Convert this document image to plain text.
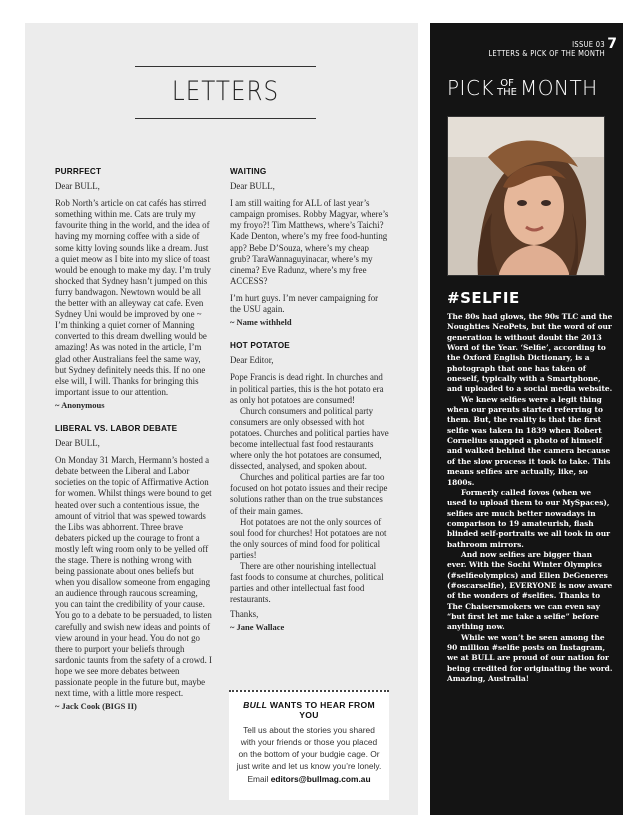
LETTERS
PURRFECT
Dear BULL,
Rob North’s article on cat cafés has stirred something within me. Cats are truly my favourite thing in the world, and the idea of having my morning coffee with a side of some kitty loving sounds like a dream. Just a quiet meow as I bite into my slice of toast would be enough to make my day. I’m truly shocked that Sydney hasn’t jumped on this furry bandwagon. Newtown would be all the better with an alleyway cat cafe. Even Sydney Uni would be improved by one ~ I’m thinking a quiet corner of Manning converted to this dream dwelling would be amazing! As was noted in the article, I’m glad other Australians feel the same way, but Sydney definitely needs this. If no one else will, I will. Thanks for bringing this important issue to our attention.
~ Anonymous
LIBERAL VS. LABOR DEBATE
Dear BULL,
On Monday 31 March, Hermann’s hosted a debate between the Liberal and Labor societies on the topic of Affirmative Action for women. Whilst things were bound to get heated over such a contentious issue, the amount of vitriol that was spewed towards the Libs was abhorrent. Three brave debaters picked up the courage to front a mostly left wing room only to be yelled off the stage. There is nothing wrong with being passionate about ones beliefs but when you disallow someone from engaging an audience through raucous screaming, you can taint the credibility of your cause. You go to a debate to be persuaded, to listen carefully and swish new ideas and points of view around in your head. You do not go there to purport your beliefs through sardonic taunts from the safety of a crowd. I hope we see more debates between passionate people in the future but, maybe next time, with a little more respect.
~ Jack Cook (BIGS II)
WAITING
Dear BULL,
I am still waiting for ALL of last year’s campaign promises. Robby Magyar, where’s my froyo?! Tim Matthews, where’s Taichi? Kade Denton, where’s my free food-hunting app? Bebe D’Souza, where’s my cheap grub? TaraWannaguyinacar, where’s my cinema? Eve Radunz, where’s my free ACCESS?
I’m hurt guys. I’m never campaigning for the USU again.
~ Name withheld
HOT POTATOE
Dear Editor,
Pope Francis is dead right. In churches and in political parties, this is the hot potato era as only hot potatoes are consumed!
Church consumers and political party consumers are only obsessed with hot potatoes. Churches and political parties have become intellectual fast food restaurants where only the hot potatoes are consumed, dissected, analysed, and spoken about.
Churches and political parties are far too focused on hot potato issues and their recipe solutions rather than on the true substances of their main games.
Hot potatoes are not the only sources of soul food for churches! Hot potatoes are not the only sources of mind food for political parties!
There are other nourishing intellectual fast foods to consume at churches, political parties and other intellectual fast food restaurants.
Thanks,
~ Jane Wallace
BULL WANTS TO HEAR FROM YOU
Tell us about the stories you shared with your friends or those you placed on the bottom of your budgie cage. Or just write and let us know you’re lonely.
Email editors@bullmag.com.au
ISSUE 03
LETTERS & PICK OF THE MONTH
7
PICK OF
THE MONTH
#SELFIE
The 80s had glows, the 90s TLC and the Noughties NeoPets, but the word of our generation is without doubt the 2013 Word of the Year. ‘Selfie’, according to the Oxford English Dictionary, is a photograph that one has taken of oneself, typically with a Smartphone, and uploaded to a social media website.
We knew selfies were a legit thing when our parents started referring to them. But, the reality is that the first selfie was taken in 1839 when Robert Cornelius snapped a photo of himself and walked behind the camera because of the slow process it took to take. This means selfies are actually, like, so 1800s.
Formerly called fovos (when we used to upload them to our MySpaces), selfies are much better nowadays in comparison to 19 amateurish, flash blinded self-portraits we all took in our bathroom mirrors.
And now selfies are bigger than ever. With the Sochi Winter Olympics (#selfieolympics) and Ellen DeGeneres (#oscarselfie), EVERYONE is now aware of the wonders of #selfies. Thanks to The Chaisersmokers we can even say “but first let me take a selfie” before anything now.
While we won’t be seen among the 90 million #selfie posts on Instagram, we at BULL are proud of our nation for being credited for originating the word. Amazing, Australia!
